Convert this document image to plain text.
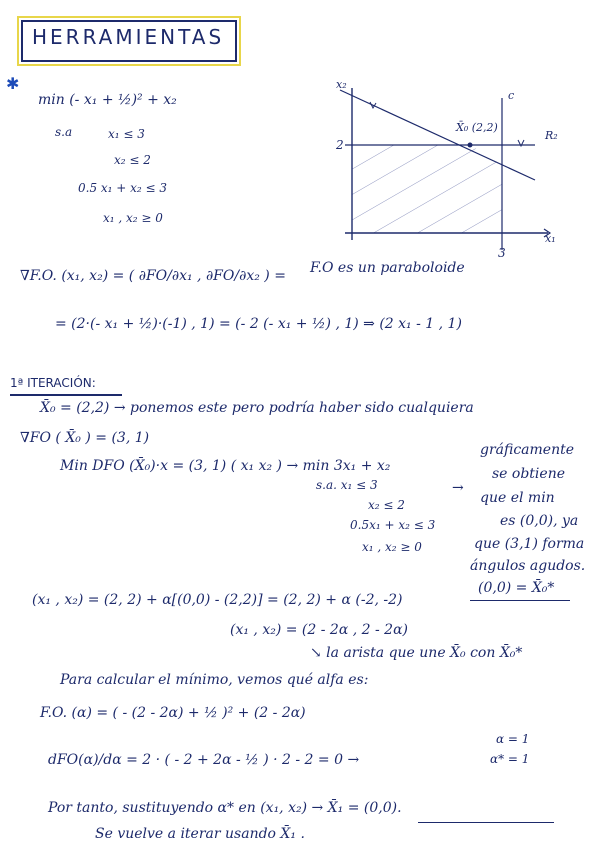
HERRAMIENTAS
✱
min (- x₁ + ½)² + x₂
s.a	x₁ ≤ 3
x₂ ≤ 2
0.5 x₁ + x₂ ≤ 3
x₁ , x₂ ≥ 0
x₂
x₁
2
3
X̄₀ (2,2)
R₂
c
∇F.O. (x₁, x₂) = ( ∂FO/∂x₁ , ∂FO/∂x₂ ) = F.O es un paraboloide
= (2·(- x₁ + ½)·(-1) , 1) = (- 2 (- x₁ + ½) , 1) ⇒ (2 x₁ - 1 , 1)
1ª ITERACIÓN:
X̄₀ = (2,2) → ponemos este pero podría haber sido cualquiera
∇FO ( X̄₀ ) = (3, 1)
Min DFO (X̄₀)·x = (3, 1) ( x₁ x₂ ) → min 3x₁ + x₂
s.a. x₁ ≤ 3
x₂ ≤ 2
0.5x₁ + x₂ ≤ 3
x₁ , x₂ ≥ 0
→
gráficamente
se obtiene
que el min
es (0,0), ya
que (3,1) forma
ángulos agudos.
(0,0) = X̄₀*
(x₁ , x₂) = (2, 2) + α[(0,0) - (2,2)] = (2, 2) + α (-2, -2)
(x₁ , x₂) = (2 - 2α , 2 - 2α)
↘ la arista que une X̄₀ con X̄₀*
Para calcular el mínimo, vemos qué alfa es:
F.O. (α) = ( - (2 - 2α) + ½ )² + (2 - 2α)
dFO(α)/dα = 2 · ( - 2 + 2α - ½ ) · 2 - 2 = 0 →
α = 1
α* = 1
Por tanto, sustituyendo α* en (x₁, x₂) → X̄₁ = (0,0).
Se vuelve a iterar usando X̄₁ .
